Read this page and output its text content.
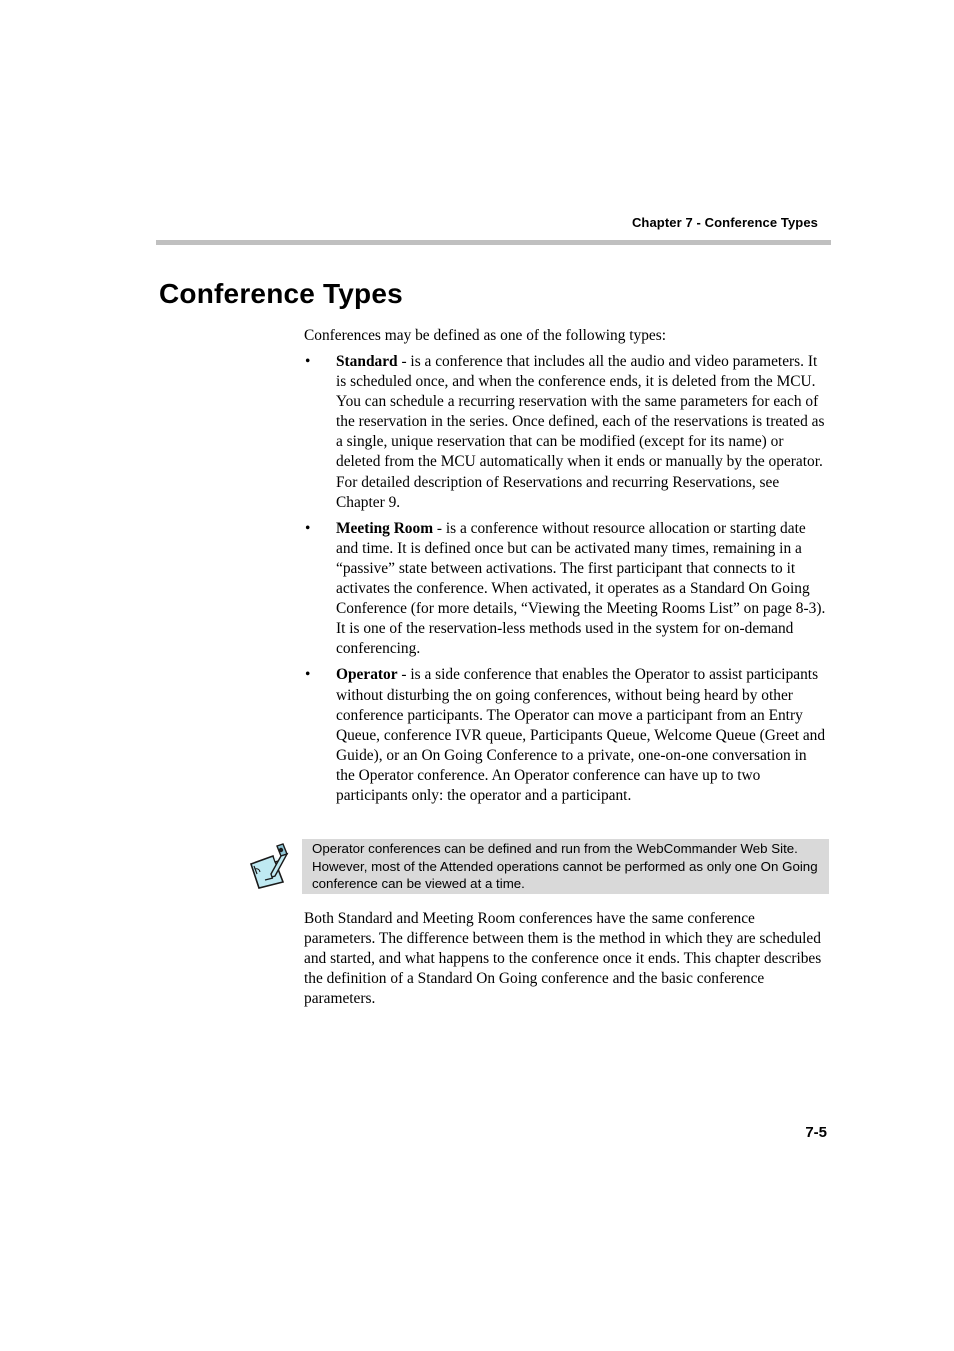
Chapter 7 - Conference Types
Conference Types

Conferences may be defined as one of the following types:

• Standard - is a conference that includes all the audio and video parameters. It is scheduled once, and when the conference ends, it is deleted from the MCU. You can schedule a recurring reservation with the same parameters for each of the reservation in the series. Once defined, each of the reservations is treated as a single, unique reservation that can be modified (except for its name) or deleted from the MCU automatically when it ends or manually by the operator. For detailed description of Reservations and recurring Reservations, see Chapter 9.
• Meeting Room - is a conference without resource allocation or starting date and time. It is defined once but can be activated many times, remaining in a “passive” state between activations. The first participant that connects to it activates the conference. When activated, it operates as a Standard On Going Conference (for more details, “Viewing the Meeting Rooms List” on page 8-3). It is one of the reservation-less methods used in the system for on-demand conferencing.
• Operator - is a side conference that enables the Operator to assist participants without disturbing the on going conferences, without being heard by other conference participants. The Operator can move a participant from an Entry Queue, conference IVR queue, Participants Queue, Welcome Queue (Greet and Guide), or an On Going Conference to a private, one-on-one conversation in the Operator conference. An Operator conference can have up to two participants only: the operator and a participant.
Operator conferences can be defined and run from the WebCommander Web Site. However, most of the Attended operations cannot be performed as only one On Going conference can be viewed at a time.

Both Standard and Meeting Room conferences have the same conference parameters. The difference between them is the method in which they are scheduled and started, and what happens to the conference once it ends. This chapter describes the definition of a Standard On Going conference and the basic conference parameters.

7-5
